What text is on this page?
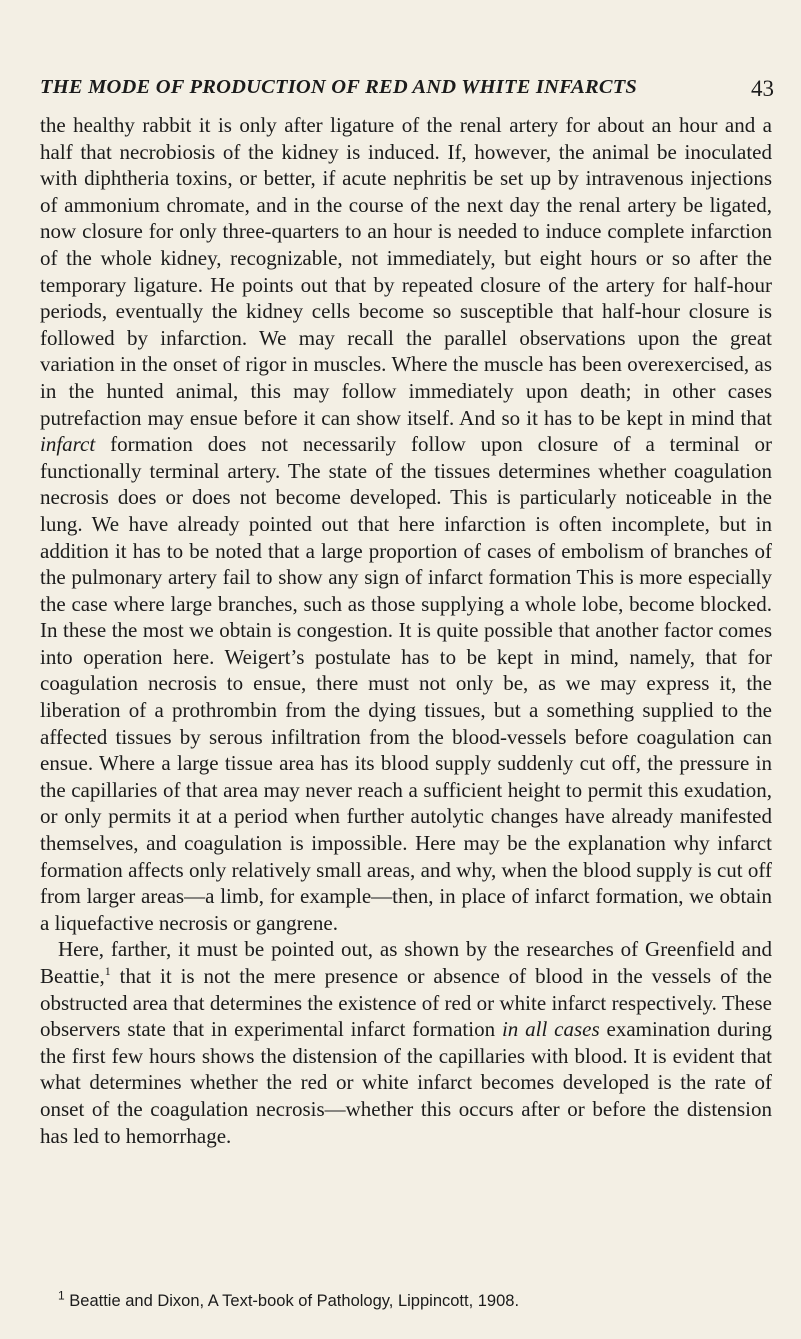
THE MODE OF PRODUCTION OF RED AND WHITE INFARCTS	43

the healthy rabbit it is only after ligature of the renal artery for about an hour and a half that necrobiosis of the kidney is induced. If, however, the animal be inoculated with diphtheria toxins, or better, if acute nephritis be set up by intravenous injections of ammonium chromate, and in the course of the next day the renal artery be ligated, now closure for only three-quarters to an hour is needed to induce complete infarction of the whole kidney, recognizable, not immediately, but eight hours or so after the temporary ligature. He points out that by repeated closure of the artery for half-hour periods, eventually the kidney cells become so susceptible that half-hour closure is followed by infarction. We may recall the parallel observations upon the great variation in the onset of rigor in muscles. Where the muscle has been overexercised, as in the hunted animal, this may follow immediately upon death; in other cases putrefaction may ensue before it can show itself. And so it has to be kept in mind that infarct formation does not necessarily follow upon closure of a terminal or functionally terminal artery. The state of the tissues determines whether coagulation necrosis does or does not become developed. This is particularly noticeable in the lung. We have already pointed out that here infarction is often incomplete, but in addition it has to be noted that a large proportion of cases of embolism of branches of the pulmonary artery fail to show any sign of infarct formation This is more especially the case where large branches, such as those supplying a whole lobe, become blocked. In these the most we obtain is congestion. It is quite possible that another factor comes into operation here. Weigert’s postulate has to be kept in mind, namely, that for coagulation necrosis to ensue, there must not only be, as we may express it, the liberation of a prothrombin from the dying tissues, but a something supplied to the affected tissues by serous infiltration from the blood-vessels before coagulation can ensue. Where a large tissue area has its blood supply suddenly cut off, the pressure in the capillaries of that area may never reach a sufficient height to permit this exudation, or only permits it at a period when further autolytic changes have already manifested themselves, and coagulation is impossible. Here may be the explanation why infarct formation affects only relatively small areas, and why, when the blood supply is cut off from larger areas—a limb, for example—then, in place of infarct formation, we obtain a liquefactive necrosis or gangrene.

Here, farther, it must be pointed out, as shown by the researches of Greenfield and Beattie,$^1$ that it is not the mere presence or absence of blood in the vessels of the obstructed area that determines the existence of red or white infarct respectively. These observers state that in experimental infarct formation in all cases examination during the first few hours shows the distension of the capillaries with blood. It is evident that what determines whether the red or white infarct becomes developed is the rate of onset of the coagulation necrosis—whether this occurs after or before the distension has led to hemorrhage.

$^1$ Beattie and Dixon, A Text-book of Pathology, Lippincott, 1908.
